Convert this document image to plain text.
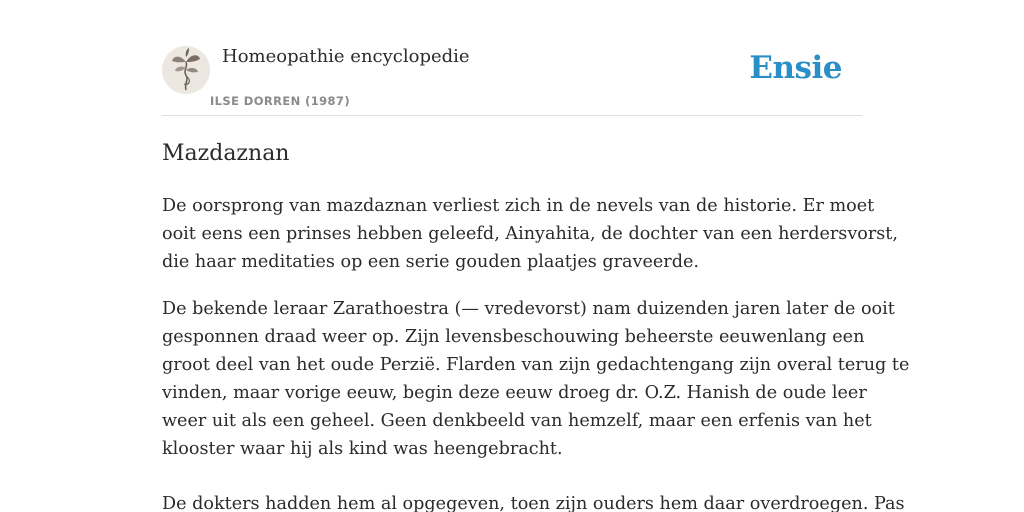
Homeopathie encyclopedie
ILSE DORREN (1987)
Ensie
Mazdaznan

De oorsprong van mazdaznan verliest zich in de nevels van de historie. Er moet
ooit eens een prinses hebben geleefd, Ainyahita, de dochter van een herdersvorst,
die haar meditaties op een serie gouden plaatjes graveerde.

De bekende leraar Zarathoestra (— vredevorst) nam duizenden jaren later de ooit
gesponnen draad weer op. Zijn levensbeschouwing beheerste eeuwenlang een
groot deel van het oude Perzië. Flarden van zijn gedachtengang zijn overal terug te
vinden, maar vorige eeuw, begin deze eeuw droeg dr. O.Z. Hanish de oude leer
weer uit als een geheel. Geen denkbeeld van hemzelf, maar een erfenis van het
klooster waar hij als kind was heengebracht.

De dokters hadden hem al opgegeven, toen zijn ouders hem daar overdroegen. Pas
